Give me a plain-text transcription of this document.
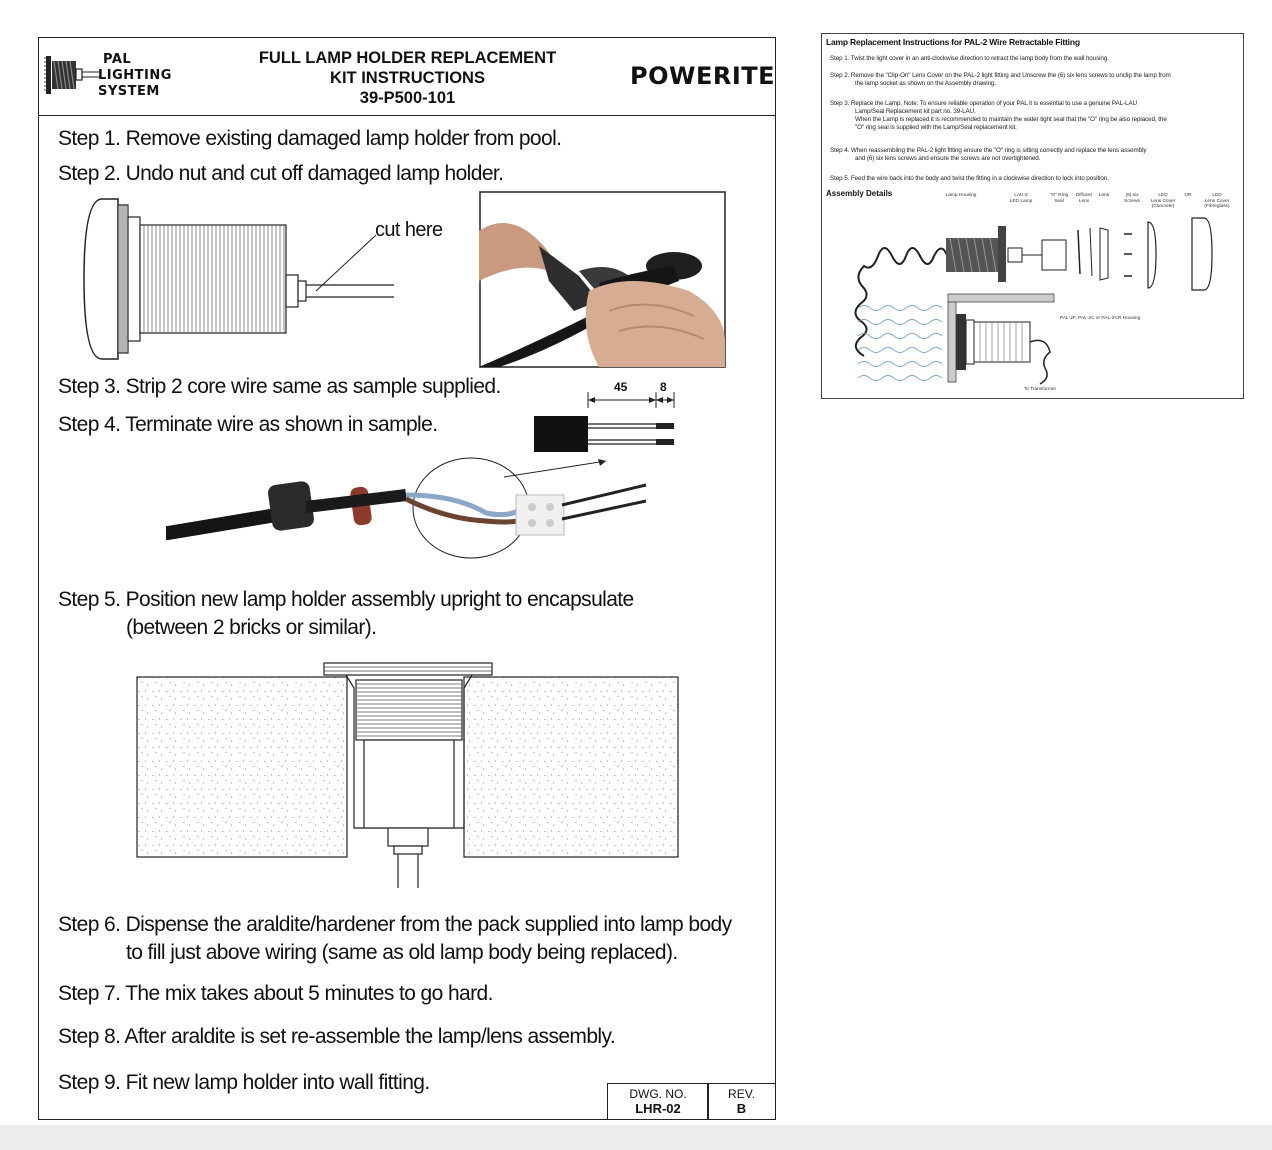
PAL
LIGHTING
SYSTEM
FULL LAMP HOLDER REPLACEMENT
KIT INSTRUCTIONS
39-P500-101
POWERITE
Step 1. Remove existing damaged lamp holder from pool.
Step 2. Undo nut and cut off damaged lamp holder.
cut here
Step 3. Strip 2 core wire same as sample supplied.
Step 4. Terminate wire as shown in sample.
45	8
Step 5. Position new lamp holder assembly upright to encapsulate
(between 2 bricks or similar).
Step 6. Dispense the araldite/hardener from the pack supplied into lamp body
to fill just above wiring (same as old lamp body being replaced).
Step 7. The mix takes about 5 minutes to go hard.
Step 8. After araldite is set re-assemble the lamp/lens assembly.
Step 9. Fit new lamp holder into wall fitting.	DWG. NO.
LHR-02
REV.
B
Lamp Replacement Instructions for PAL-2 Wire Retractable Fitting
Step 1. Twist the light cover in an anti-clockwise direction to retract the lamp body from the wall housing.
Step 2. Remove the "Clip-On" Lens Cover on the PAL-2 light fitting and Unscrew the (6) six lens screws to unclip the lamp from
the lamp socket as shown on the Assembly drawing.
Step 3. Replace the Lamp. Note: To ensure reliable operation of your PAL it is essential to use a genuine PAL-LAU
Lamp/Seal Replacement kit part no. 39-LAU.
When the Lamp is replaced it is recommended to maintain the water tight seal that the "O" ring be also replaced, the
"O" ring seal is supplied with the Lamp/Seal replacement kit.
Step 4. When reassembling the PAL-2 light fitting ensure the "O" ring is sitting correctly and replace the lens assembly
and (6) six lens screws and ensure the screws are not overtightened.
Step 5. Feed the wire back into the body and twist the fitting in a clockwise direction to lock into position.
Assembly Details	Lamp Housing	LAU-2
LED Lamp
"O" Ring
Seal
Diffuser
Lens
Lens	(6) six
Screws
LED
Lens Cover
(Concrete)
OR	LED
Lens Cover
(Fibreglass)
PAL-2F, PAL-2C or PAL-2CR Housing
To Transformer
